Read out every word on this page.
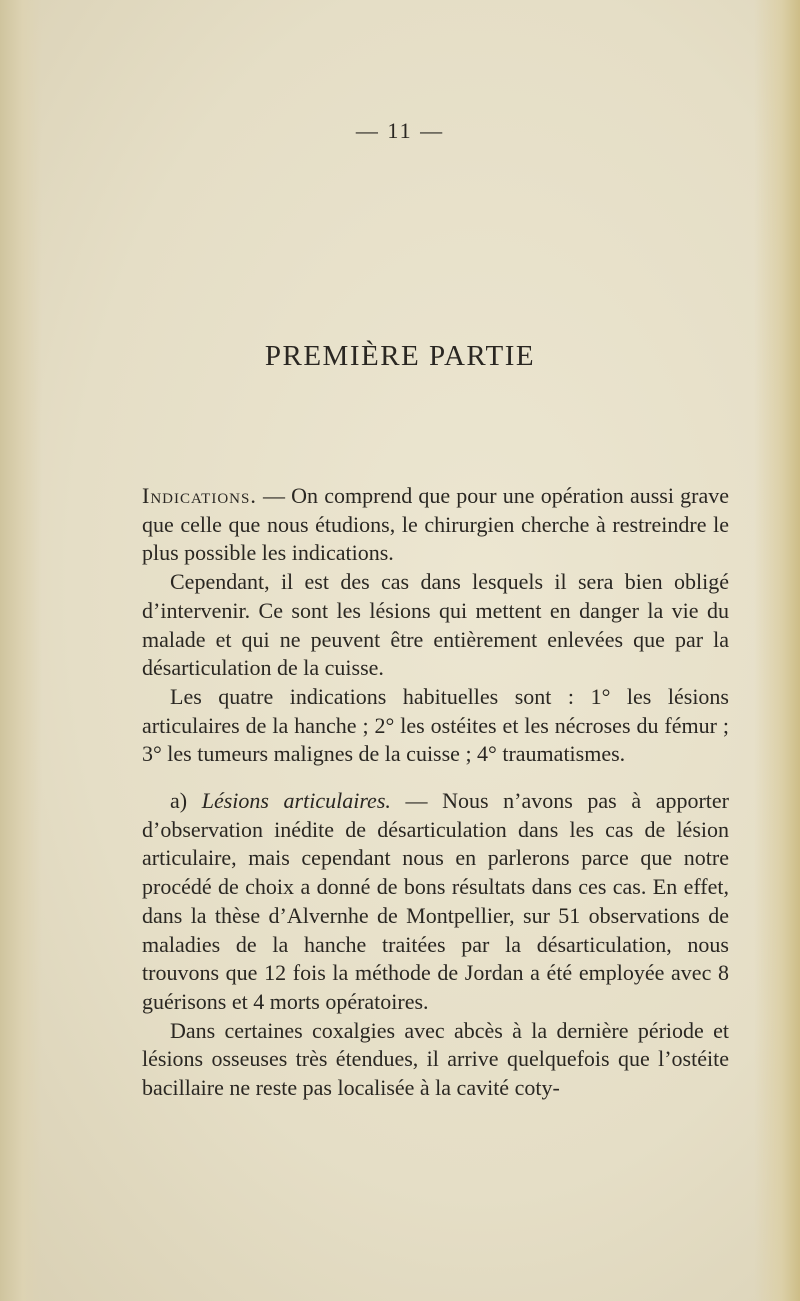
— 11 —
PREMIÈRE PARTIE

Indications. — On comprend que pour une opération aussi grave que celle que nous étudions, le chirurgien cherche à restreindre le plus possible les indications.

Cependant, il est des cas dans lesquels il sera bien obligé d’intervenir. Ce sont les lésions qui mettent en danger la vie du malade et qui ne peuvent être entièrement enlevées que par la désarticulation de la cuisse.

Les quatre indications habituelles sont : 1° les lésions articulaires de la hanche ; 2° les ostéites et les nécroses du fémur ; 3° les tumeurs malignes de la cuisse ; 4° traumatismes.

a) Lésions articulaires. — Nous n’avons pas à apporter d’observation inédite de désarticulation dans les cas de lésion articulaire, mais cependant nous en parlerons parce que notre procédé de choix a donné de bons résultats dans ces cas. En effet, dans la thèse d’Alvernhe de Montpellier, sur 51 observations de maladies de la hanche traitées par la désarticulation, nous trouvons que 12 fois la méthode de Jordan a été employée avec 8 guérisons et 4 morts opératoires.

Dans certaines coxalgies avec abcès à la dernière période et lésions osseuses très étendues, il arrive quelquefois que l’ostéite bacillaire ne reste pas localisée à la cavité coty-
